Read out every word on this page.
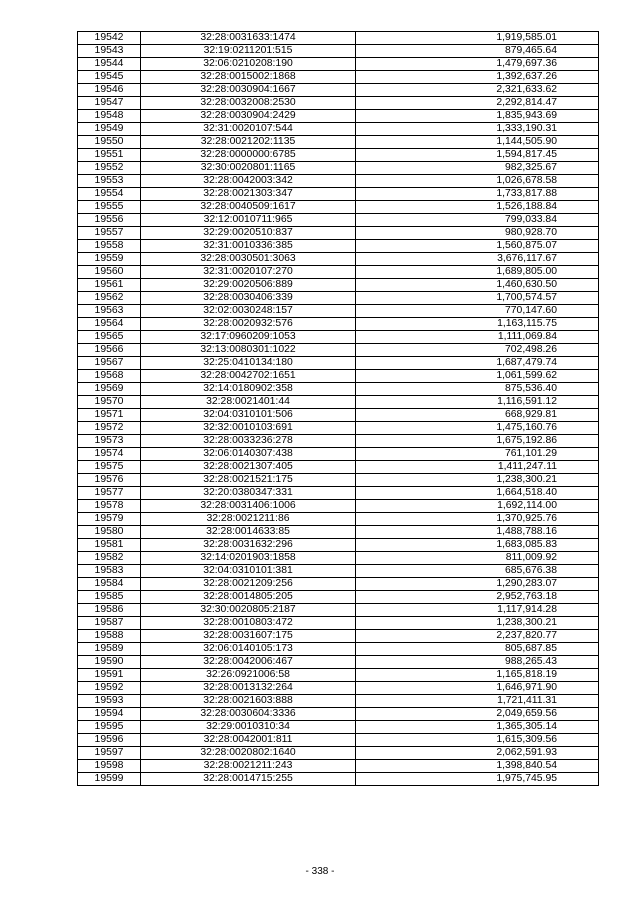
19542	32:28:0031633:1474	1,919,585.01
19543	32:19:0211201:515	879,465.64
19544	32:06:0210208:190	1,479,697.36
19545	32:28:0015002:1868	1,392,637.26
19546	32:28:0030904:1667	2,321,633.62
19547	32:28:0032008:2530	2,292,814.47
19548	32:28:0030904:2429	1,835,943.69
19549	32:31:0020107:544	1,333,190.31
19550	32:28:0021202:1135	1,144,505.90
19551	32:28:0000000:6785	1,594,817.45
19552	32:30:0020801:1165	982,325.67
19553	32:28:0042003:342	1,026,678.58
19554	32:28:0021303:347	1,733,817.88
19555	32:28:0040509:1617	1,526,188.84
19556	32:12:0010711:965	799,033.84
19557	32:29:0020510:837	980,928.70
19558	32:31:0010336:385	1,560,875.07
19559	32:28:0030501:3063	3,676,117.67
19560	32:31:0020107:270	1,689,805.00
19561	32:29:0020506:889	1,460,630.50
19562	32:28:0030406:339	1,700,574.57
19563	32:02:0030248:157	770,147.60
19564	32:28:0020932:576	1,163,115.75
19565	32:17:0960209:1053	1,111,069.84
19566	32:13:0080301:1022	702,498.26
19567	32:25:0410134:180	1,687,479.74
19568	32:28:0042702:1651	1,061,599.62
19569	32:14:0180902:358	875,536.40
19570	32:28:0021401:44	1,116,591.12
19571	32:04:0310101:506	668,929.81
19572	32:32:0010103:691	1,475,160.76
19573	32:28:0033236:278	1,675,192.86
19574	32:06:0140307:438	761,101.29
19575	32:28:0021307:405	1,411,247.11
19576	32:28:0021521:175	1,238,300.21
19577	32:20:0380347:331	1,664,518.40
19578	32:28:0031406:1006	1,692,114.00
19579	32:28:0021211:86	1,370,925.76
19580	32:28:0014633:85	1,488,788.16
19581	32:28:0031632:296	1,683,085.83
19582	32:14:0201903:1858	811,009.92
19583	32:04:0310101:381	685,676.38
19584	32:28:0021209:256	1,290,283.07
19585	32:28:0014805:205	2,952,763.18
19586	32:30:0020805:2187	1,117,914.28
19587	32:28:0010803:472	1,238,300.21
19588	32:28:0031607:175	2,237,820.77
19589	32:06:0140105:173	805,687.85
19590	32:28:0042006:467	988,265.43
19591	32:26:0921006:58	1,165,818.19
19592	32:28:0013132:264	1,646,971.90
19593	32:28:0021603:888	1,721,411.31
19594	32:28:0030604:3336	2,049,659.56
19595	32:29:0010310:34	1,365,305.14
19596	32:28:0042001:811	1,615,309.56
19597	32:28:0020802:1640	2,062,591.93
19598	32:28:0021211:243	1,398,840.54
19599	32:28:0014715:255	1,975,745.95
- 338 -
